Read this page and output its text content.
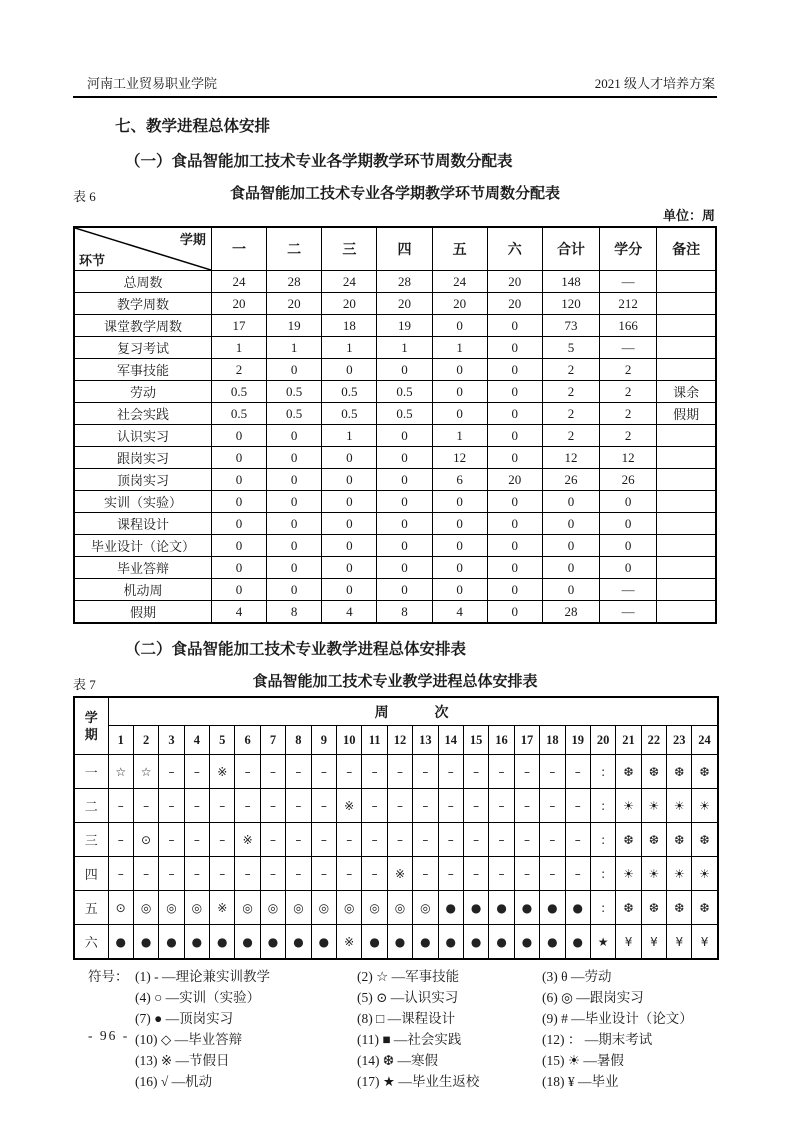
河南工业贸易职业学院	2021 级人才培养方案
七、教学进程总体安排
（一）食品智能加工技术专业各学期教学环节周数分配表
表 6	食品智能加工技术专业各学期教学环节周数分配表
单位：周
学期
环节	一	二	三	四	五	六	合计	学分	备注
总周数	24	28	24	28	24	20	148	—	
教学周数	20	20	20	20	20	20	120	212	
课堂教学周数	17	19	18	19	0	0	73	166	
复习考试	1	1	1	1	1	0	5	—	
军事技能	2	0	0	0	0	0	2	2	
劳动	0.5	0.5	0.5	0.5	0	0	2	2	课余
社会实践	0.5	0.5	0.5	0.5	0	0	2	2	假期
认识实习	0	0	1	0	1	0	2	2	
跟岗实习	0	0	0	0	12	0	12	12	
顶岗实习	0	0	0	0	6	20	26	26	
实训（实验）	0	0	0	0	0	0	0	0	
课程设计	0	0	0	0	0	0	0	0	
毕业设计（论文）	0	0	0	0	0	0	0	0	
毕业答辩	0	0	0	0	0	0	0	0	
机动周	0	0	0	0	0	0	0	—	
假期	4	8	4	8	4	0	28	—	
（二）食品智能加工技术专业教学进程总体安排表
表 7	食品智能加工技术专业教学进程总体安排表
学期	周        次																							
	1	2	3	4	5	6	7	8	9	10	11	12	13	14	15	16	17	18	19	20	21	22	23	24
一	☆	☆	–	–	※	–	–	–	–	–	–	–	–	–	–	–	–	–	–	:	❆	❆	❆	❆
二	–	–	–	–	–	–	–	–	–	※	–	–	–	–	–	–	–	–	–	:	☀	☀	☀	☀
三	–	⊙	–	–	–	※	–	–	–	–	–	–	–	–	–	–	–	–	–	:	❆	❆	❆	❆
四	–	–	–	–	–	–	–	–	–	–	–	※	–	–	–	–	–	–	–	:	☀	☀	☀	☀
五	⊙	◎	◎	◎	※	◎	◎	◎	◎	◎	◎	◎	◎	●	●	●	●	●	●	:	❆	❆	❆	❆
六	●	●	●	●	●	●	●	●	●	※	●	●	●	●	●	●	●	●	●	★	¥	¥	¥	¥
符号： (1) - —理论兼实训教学	(2) ☆ —军事技能	(3) θ —劳动
(4) ○ —实训（实验）	(5) ⊙ —认识实习	(6) ◎ —跟岗实习
(7) ● —顶岗实习	(8) □ —课程设计	(9) # —毕业设计（论文）
(10) ◇ —毕业答辩	(11) ■ —社会实践	(12) ： —期末考试
(13) ※ —节假日	(14) ❆ —寒假	(15) ☀ —暑假
(16) √ —机动	(17) ★ —毕业生返校	(18) ¥ —毕业
- 96 -
